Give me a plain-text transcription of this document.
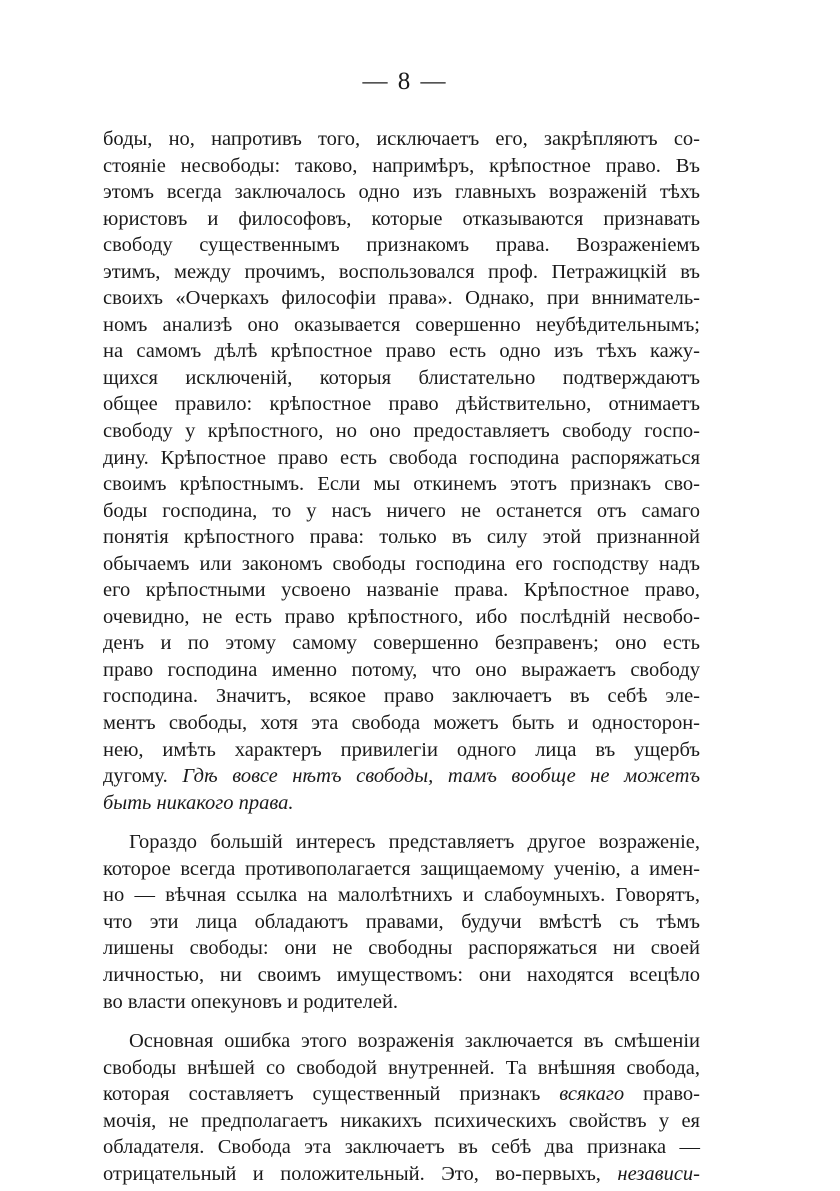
— 8 —
боды, но, напротивъ того, исключаетъ его, закрѣпляютъ со-
стояніе несвободы: таково, напримѣръ, крѣпостное право. Въ
этомъ всегда заключалось одно изъ главныхъ возраженій тѣхъ
юристовъ и философовъ, которые отказываются признавать
свободу существеннымъ признакомъ права. Возраженіемъ
этимъ, между прочимъ, воспользовался проф. Петражицкій въ
своихъ «Очеркахъ философіи права». Однако, при внниматель-
номъ анализѣ оно оказывается совершенно неубѣдительнымъ;
на самомъ дѣлѣ крѣпостное право есть одно изъ тѣхъ кажу-
щихся исключеній, которыя блистательно подтверждаютъ
общее правило: крѣпостное право дѣйствительно, отнимаетъ
свободу у крѣпостного, но оно предоставляетъ свободу госпо-
дину. Крѣпостное право есть свобода господина распоряжаться
своимъ крѣпостнымъ. Если мы откинемъ этотъ признакъ сво-
боды господина, то у насъ ничего не останется отъ самаго
понятія крѣпостного права: только въ силу этой признанной
обычаемъ или закономъ свободы господина его господству надъ
его крѣпостными усвоено названіе права. Крѣпостное право,
очевидно, не есть право крѣпостного, ибо послѣдній несвобо-
денъ и по этому самому совершенно безправенъ; оно есть
право господина именно потому, что оно выражаетъ свободу
господина. Значитъ, всякое право заключаетъ въ себѣ эле-
ментъ свободы, хотя эта свобода можетъ быть и односторон-
нею, имѣть характеръ привилегіи одного лица въ ущербъ
дугому. Гдѣ вовсе нѣтъ свободы, тамъ вообще не можетъ
быть никакого права.
Гораздо большій интересъ представляетъ другое возраженіе,
которое всегда противополагается защищаемому ученію, а имен-
но — вѣчная ссылка на малолѣтнихъ и слабоумныхъ. Говорятъ,
что эти лица обладаютъ правами, будучи вмѣстѣ съ тѣмъ
лишены свободы: они не свободны распоряжаться ни своей
личностью, ни своимъ имуществомъ: они находятся всецѣло
во власти опекуновъ и родителей.
Основная ошибка этого возраженія заключается въ смѣшеніи
свободы внѣшей со свободой внутренней. Та внѣшняя свобода,
которая составляетъ существенный признакъ всякаго право-
мочія, не предполагаетъ никакихъ психическихъ свойствъ у ея
обладателя. Свобода эта заключаетъ въ себѣ два признака —
отрицательный и положительный. Это, во-первыхъ, независи-
